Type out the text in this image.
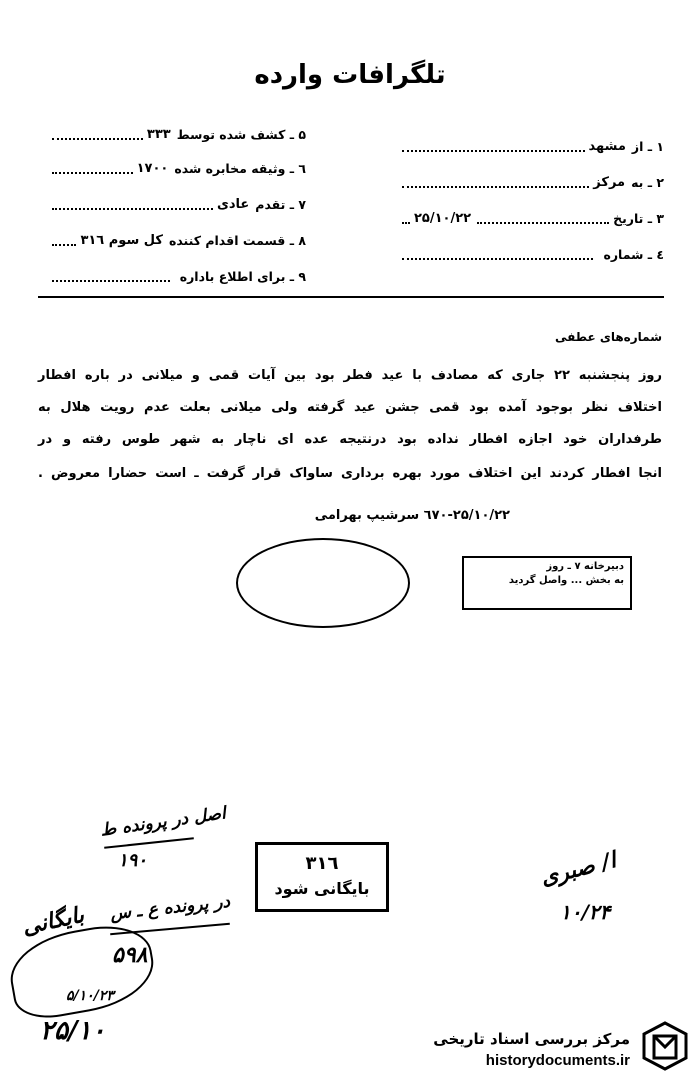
تلگرافات وارده
۱ ـ از
مشهد
۲ ـ به
مرکز
۳ ـ تاریخ
۲۵/۱۰/۲۲
٤ ـ شماره
۵ ـ کشف شده توسط
۳۳۳
٦ ـ وثیقه مخابره شده
۱۷۰۰
۷ ـ تقدم
عادی
۸ ـ قسمت اقدام کننده
کل سوم ۳۱٦
۹ ـ برای اطلاع باداره
شماره‌های عطفی
روز پنجشنبه ۲۲ جاری که مصادف با عید فطر بود بین آیات قمی و میلانی در باره افطار
اختلاف نظر بوجود آمده بود قمی جشن عید گرفته ولی میلانی بعلت عدم رویت هلال به
طرفداران خود اجازه افطار نداده بود درنتیجه عده ای ناچار به شهر طوس رفته و در
انجا افطار کردند این اختلاف مورد بهره برداری ساواک قرار گرفت ـ است حضارا معروض .
۲۵/۱۰/۲۲-٦۷۰ سرشیپ بهرامی
دبیرخانه ۷ ـ روز
به بخش ... واصل گردید
۳۱٦
بایگانی شود
اصل در پرونده ط
۱۹۰
در پرونده ع ـ س
۵۹۸
بایگانی
۵/۱۰/۲۳
۲۵/۱۰
ا/ صبری
۱۰/۲۴
مرکز بررسی اسناد تاریخی
historydocuments.ir
